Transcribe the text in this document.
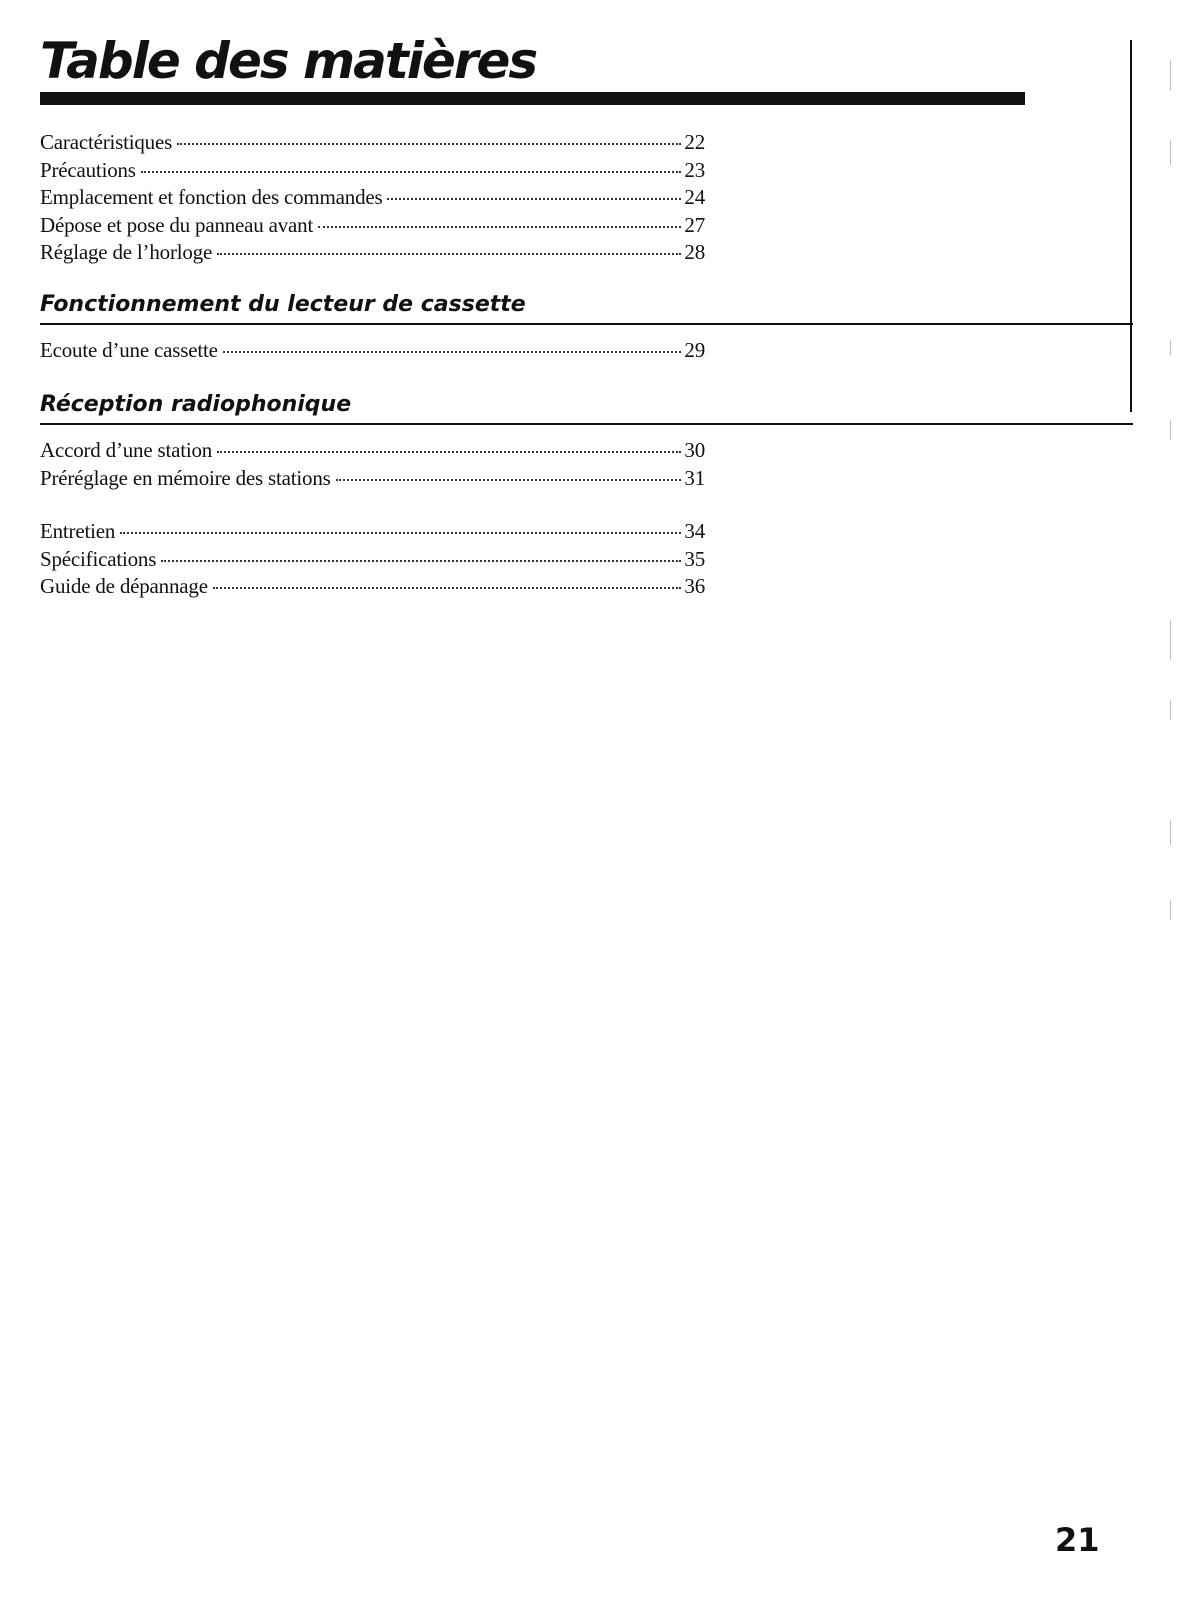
Table des matières
Caractéristiques	22
Précautions	23
Emplacement et fonction des commandes	24
Dépose et pose du panneau avant	27
Réglage de l’horloge	28
Fonctionnement du lecteur de cassette
Ecoute d’une cassette	29
Réception radiophonique
Accord d’une station	30
Préréglage en mémoire des stations	31
Entretien	34
Spécifications	35
Guide de dépannage	36
21
